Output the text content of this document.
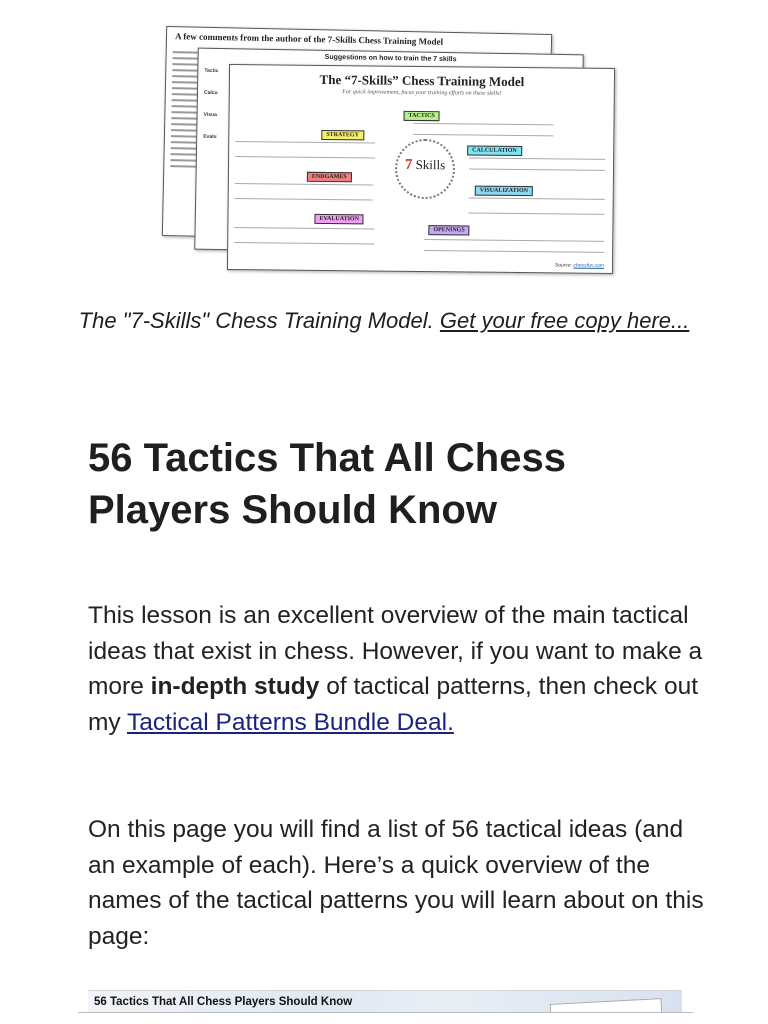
A few comments from the author of the 7-Skills Chess Training Model
Suggestions on how to train the 7 skills
Tactic
Calcu
Visua
Evalu
The “7-Skills” Chess Training Model
For quick improvement, focus your training efforts on these skills!
7 Skills
TACTICS
STRATEGY
CALCULATION
ENDGAMES
VISUALIZATION
EVALUATION
OPENINGS
Source: chessfox.com
The "7-Skills" Chess Training Model. Get your free copy here...
56 Tactics That All Chess Players Should Know

This lesson is an excellent overview of the main tactical ideas that exist in chess. However, if you want to make a more in-depth study of tactical patterns, then check out my Tactical Patterns Bundle Deal.

On this page you will find a list of 56 tactical ideas (and an example of each). Here’s a quick overview of the names of the tactical patterns you will learn about on this page:

56 Tactics That All Chess Players Should Know
